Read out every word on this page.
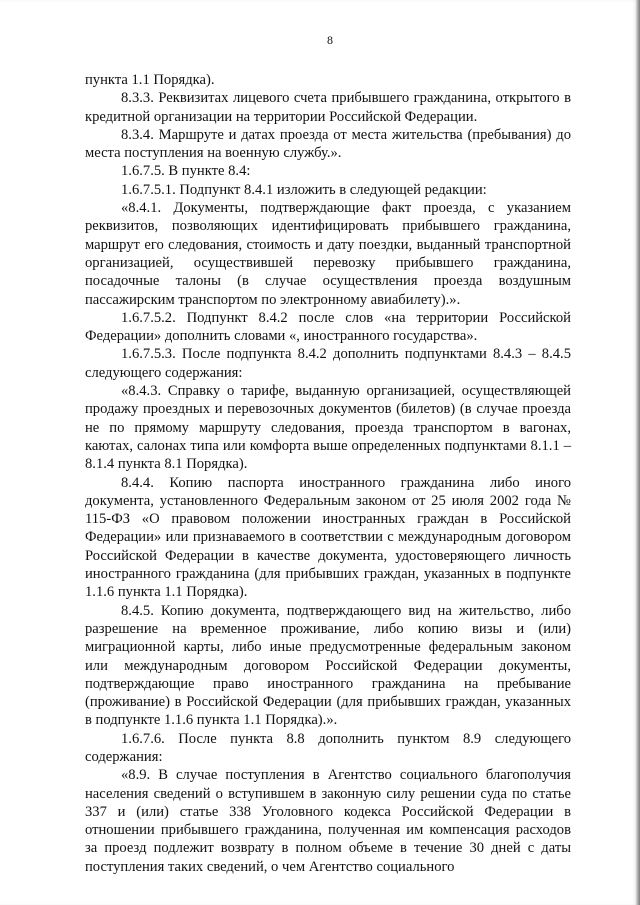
8

пункта 1.1 Порядка).

8.3.3. Реквизитах лицевого счета прибывшего гражданина, открытого в кредитной организации на территории Российской Федерации.

8.3.4. Маршруте и датах проезда от места жительства (пребывания) до места поступления на военную службу.».

1.6.7.5. В пункте 8.4:

1.6.7.5.1. Подпункт 8.4.1 изложить в следующей редакции:

«8.4.1. Документы, подтверждающие факт проезда, с указанием реквизитов, позволяющих идентифицировать прибывшего гражданина, маршрут его следования, стоимость и дату поездки, выданный транспортной организацией, осуществившей перевозку прибывшего гражданина, посадочные талоны (в случае осуществления проезда воздушным пассажирским транспортом по электронному авиабилету).».

1.6.7.5.2. Подпункт 8.4.2 после слов «на территории Российской Федерации» дополнить словами «, иностранного государства».

1.6.7.5.3. После подпункта 8.4.2 дополнить подпунктами 8.4.3 – 8.4.5 следующего содержания:

«8.4.3. Справку о тарифе, выданную организацией, осуществляющей продажу проездных и перевозочных документов (билетов) (в случае проезда не по прямому маршруту следования, проезда транспортом в вагонах, каютах, салонах типа или комфорта выше определенных подпунктами 8.1.1 – 8.1.4 пункта 8.1 Порядка).

8.4.4. Копию паспорта иностранного гражданина либо иного документа, установленного Федеральным законом от 25 июля 2002 года № 115-ФЗ «О правовом положении иностранных граждан в Российской Федерации» или признаваемого в соответствии с международным договором Российской Федерации в качестве документа, удостоверяющего личность иностранного гражданина (для прибывших граждан, указанных в подпункте 1.1.6 пункта 1.1 Порядка).

8.4.5. Копию документа, подтверждающего вид на жительство, либо разрешение на временное проживание, либо копию визы и (или) миграционной карты, либо иные предусмотренные федеральным законом или международным договором Российской Федерации документы, подтверждающие право иностранного гражданина на пребывание (проживание) в Российской Федерации (для прибывших граждан, указанных в подпункте 1.1.6 пункта 1.1 Порядка).».

1.6.7.6. После пункта 8.8 дополнить пунктом 8.9 следующего содержания:

«8.9. В случае поступления в Агентство социального благополучия населения сведений о вступившем в законную силу решении суда по статье 337 и (или) статье 338 Уголовного кодекса Российской Федерации в отношении прибывшего гражданина, полученная им компенсация расходов за проезд подлежит возврату в полном объеме в течение 30 дней с даты поступления таких сведений, о чем Агентство социального
